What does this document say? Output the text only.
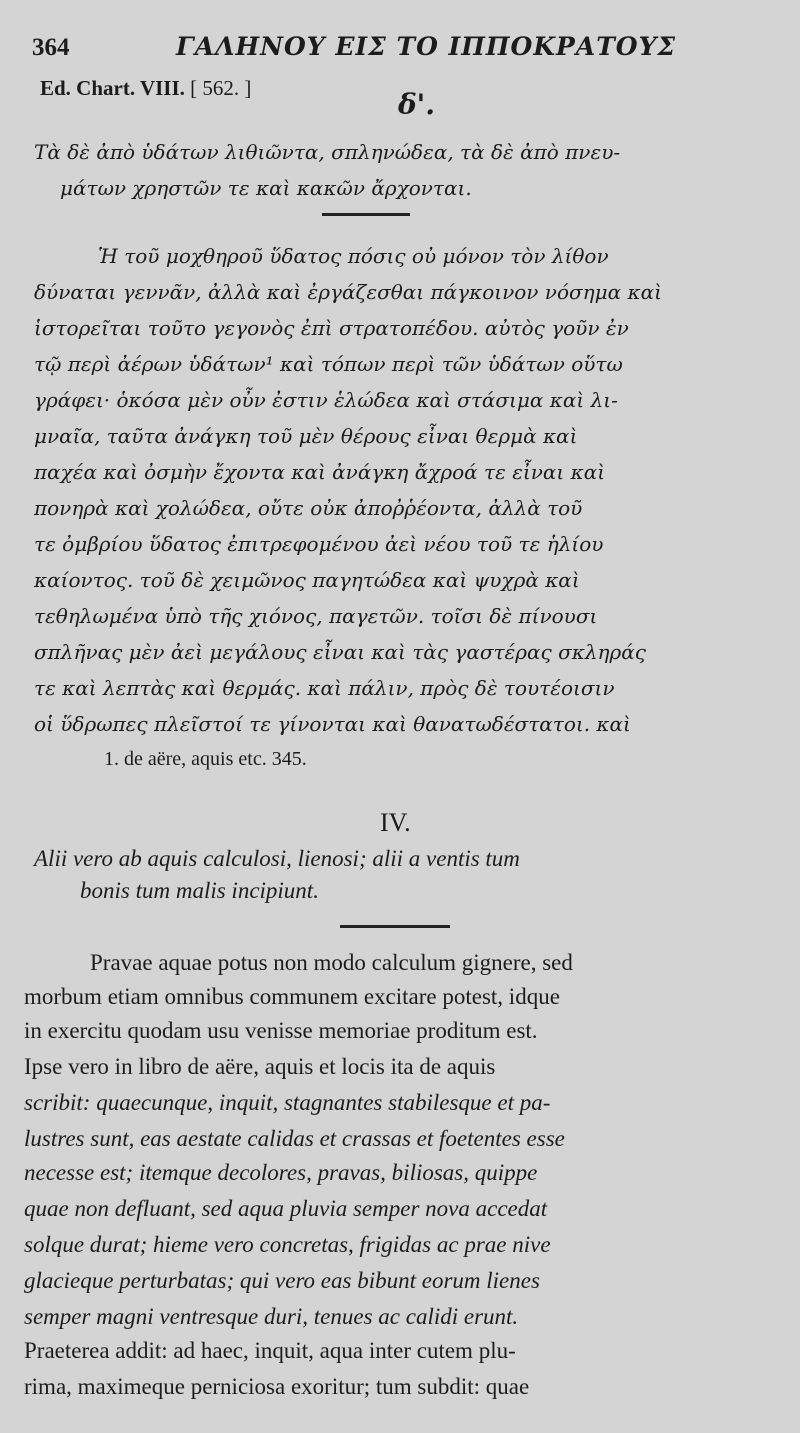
364	ΓΑΛΗΝΟΥ ΕΙΣ ΤΟ ΙΠΠΟΚΡΑΤΟΥΣ
Ed. Chart. VIII. [ 562. ]	δ'.
Τὰ δὲ ἀπὸ ὑδάτων λιθιῶντα, σπληνώδεα, τὰ δὲ ἀπὸ πνευ-
μάτων χρηστῶν τε καὶ κακῶν ἄρχονται.
Ἡ τοῦ μοχθηροῦ ὕδατος πόσις οὐ μόνον τὸν λίθον
δύναται γεννᾶν, ἀλλὰ καὶ ἐργάζεσθαι πάγκοινον νόσημα καὶ
ἱστορεῖται τοῦτο γεγονὸς ἐπὶ στρατοπέδου. αὐτὸς γοῦν ἐν
τῷ περὶ ἀέρων ὑδάτων¹ καὶ τόπων περὶ τῶν ὑδάτων οὕτω
γράφει· ὁκόσα μὲν οὖν ἐστιν ἑλώδεα καὶ στάσιμα καὶ λι-
μναῖα, ταῦτα ἀνάγκη τοῦ μὲν θέρους εἶναι θερμὰ καὶ
παχέα καὶ ὀσμὴν ἔχοντα καὶ ἀνάγκη ἄχροά τε εἶναι καὶ
πονηρὰ καὶ χολώδεα, οὔτε οὐκ ἀποῤῥέοντα, ἀλλὰ τοῦ
τε ὀμβρίου ὕδατος ἐπιτρεφομένου ἀεὶ νέου τοῦ τε ἡλίου
καίοντος. τοῦ δὲ χειμῶνος παγητώδεα καὶ ψυχρὰ καὶ
τεθηλωμένα ὑπὸ τῆς χιόνος, παγετῶν. τοῖσι δὲ πίνουσι
σπλῆνας μὲν ἀεὶ μεγάλους εἶναι καὶ τὰς γαστέρας σκληράς
τε καὶ λεπτὰς καὶ θερμάς. καὶ πάλιν, πρὸς δὲ τουτέοισιν
οἱ ὕδρωπες πλεῖστοί τε γίνονται καὶ θανατωδέστατοι. καὶ
1. de aëre, aquis etc. 345.
IV.
Alii vero ab aquis calculosi, lienosi; alii a ventis tum
bonis tum malis incipiunt.
Pravae aquae potus non modo calculum gignere, sed
morbum etiam omnibus communem excitare potest, idque
in exercitu quodam usu venisse memoriae proditum est.
Ipse vero in libro de aëre, aquis et locis ita de aquis
scribit: quaecunque, inquit, stagnantes stabilesque et pa-
lustres sunt, eas aestate calidas et crassas et foetentes esse
necesse est; itemque decolores, pravas, biliosas, quippe
quae non defluant, sed aqua pluvia semper nova accedat
solque durat; hieme vero concretas, frigidas ac prae nive
glacieque perturbatas; qui vero eas bibunt eorum lienes
semper magni ventresque duri, tenues ac calidi erunt.
Praeterea addit: ad haec, inquit, aqua inter cutem plu-
rima, maximeque perniciosa exoritur; tum subdit: quae
